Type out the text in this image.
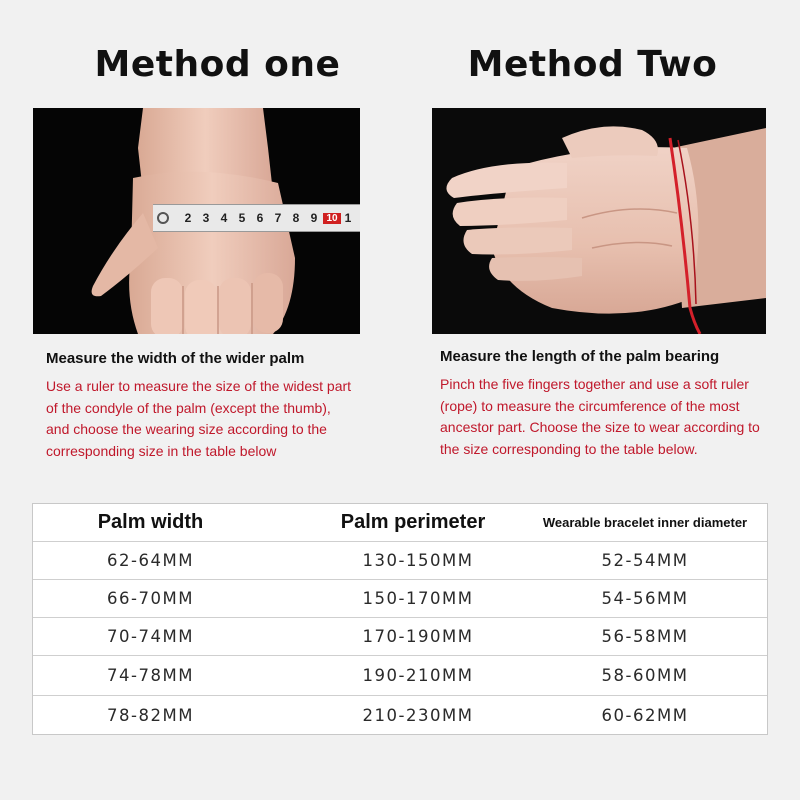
Method one	Method Two
2 3 4 5 6 7 8 9 10 1
Measure the width of the wider palm
Use a ruler to measure the size of the widest part of the condyle of the palm (except the thumb), and choose the wearing size according to the corresponding size in the table below
Measure the length of the palm bearing
Pinch the five fingers together and use a soft ruler (rope) to measure the circumference of the most ancestor part. Choose the size to wear according to the size corresponding to the table below.
Palm width	Palm perimeter	Wearable bracelet inner diameter
62-64MM	130-150MM	52-54MM
66-70MM	150-170MM	54-56MM
70-74MM	170-190MM	56-58MM
74-78MM	190-210MM	58-60MM
78-82MM	210-230MM	60-62MM
